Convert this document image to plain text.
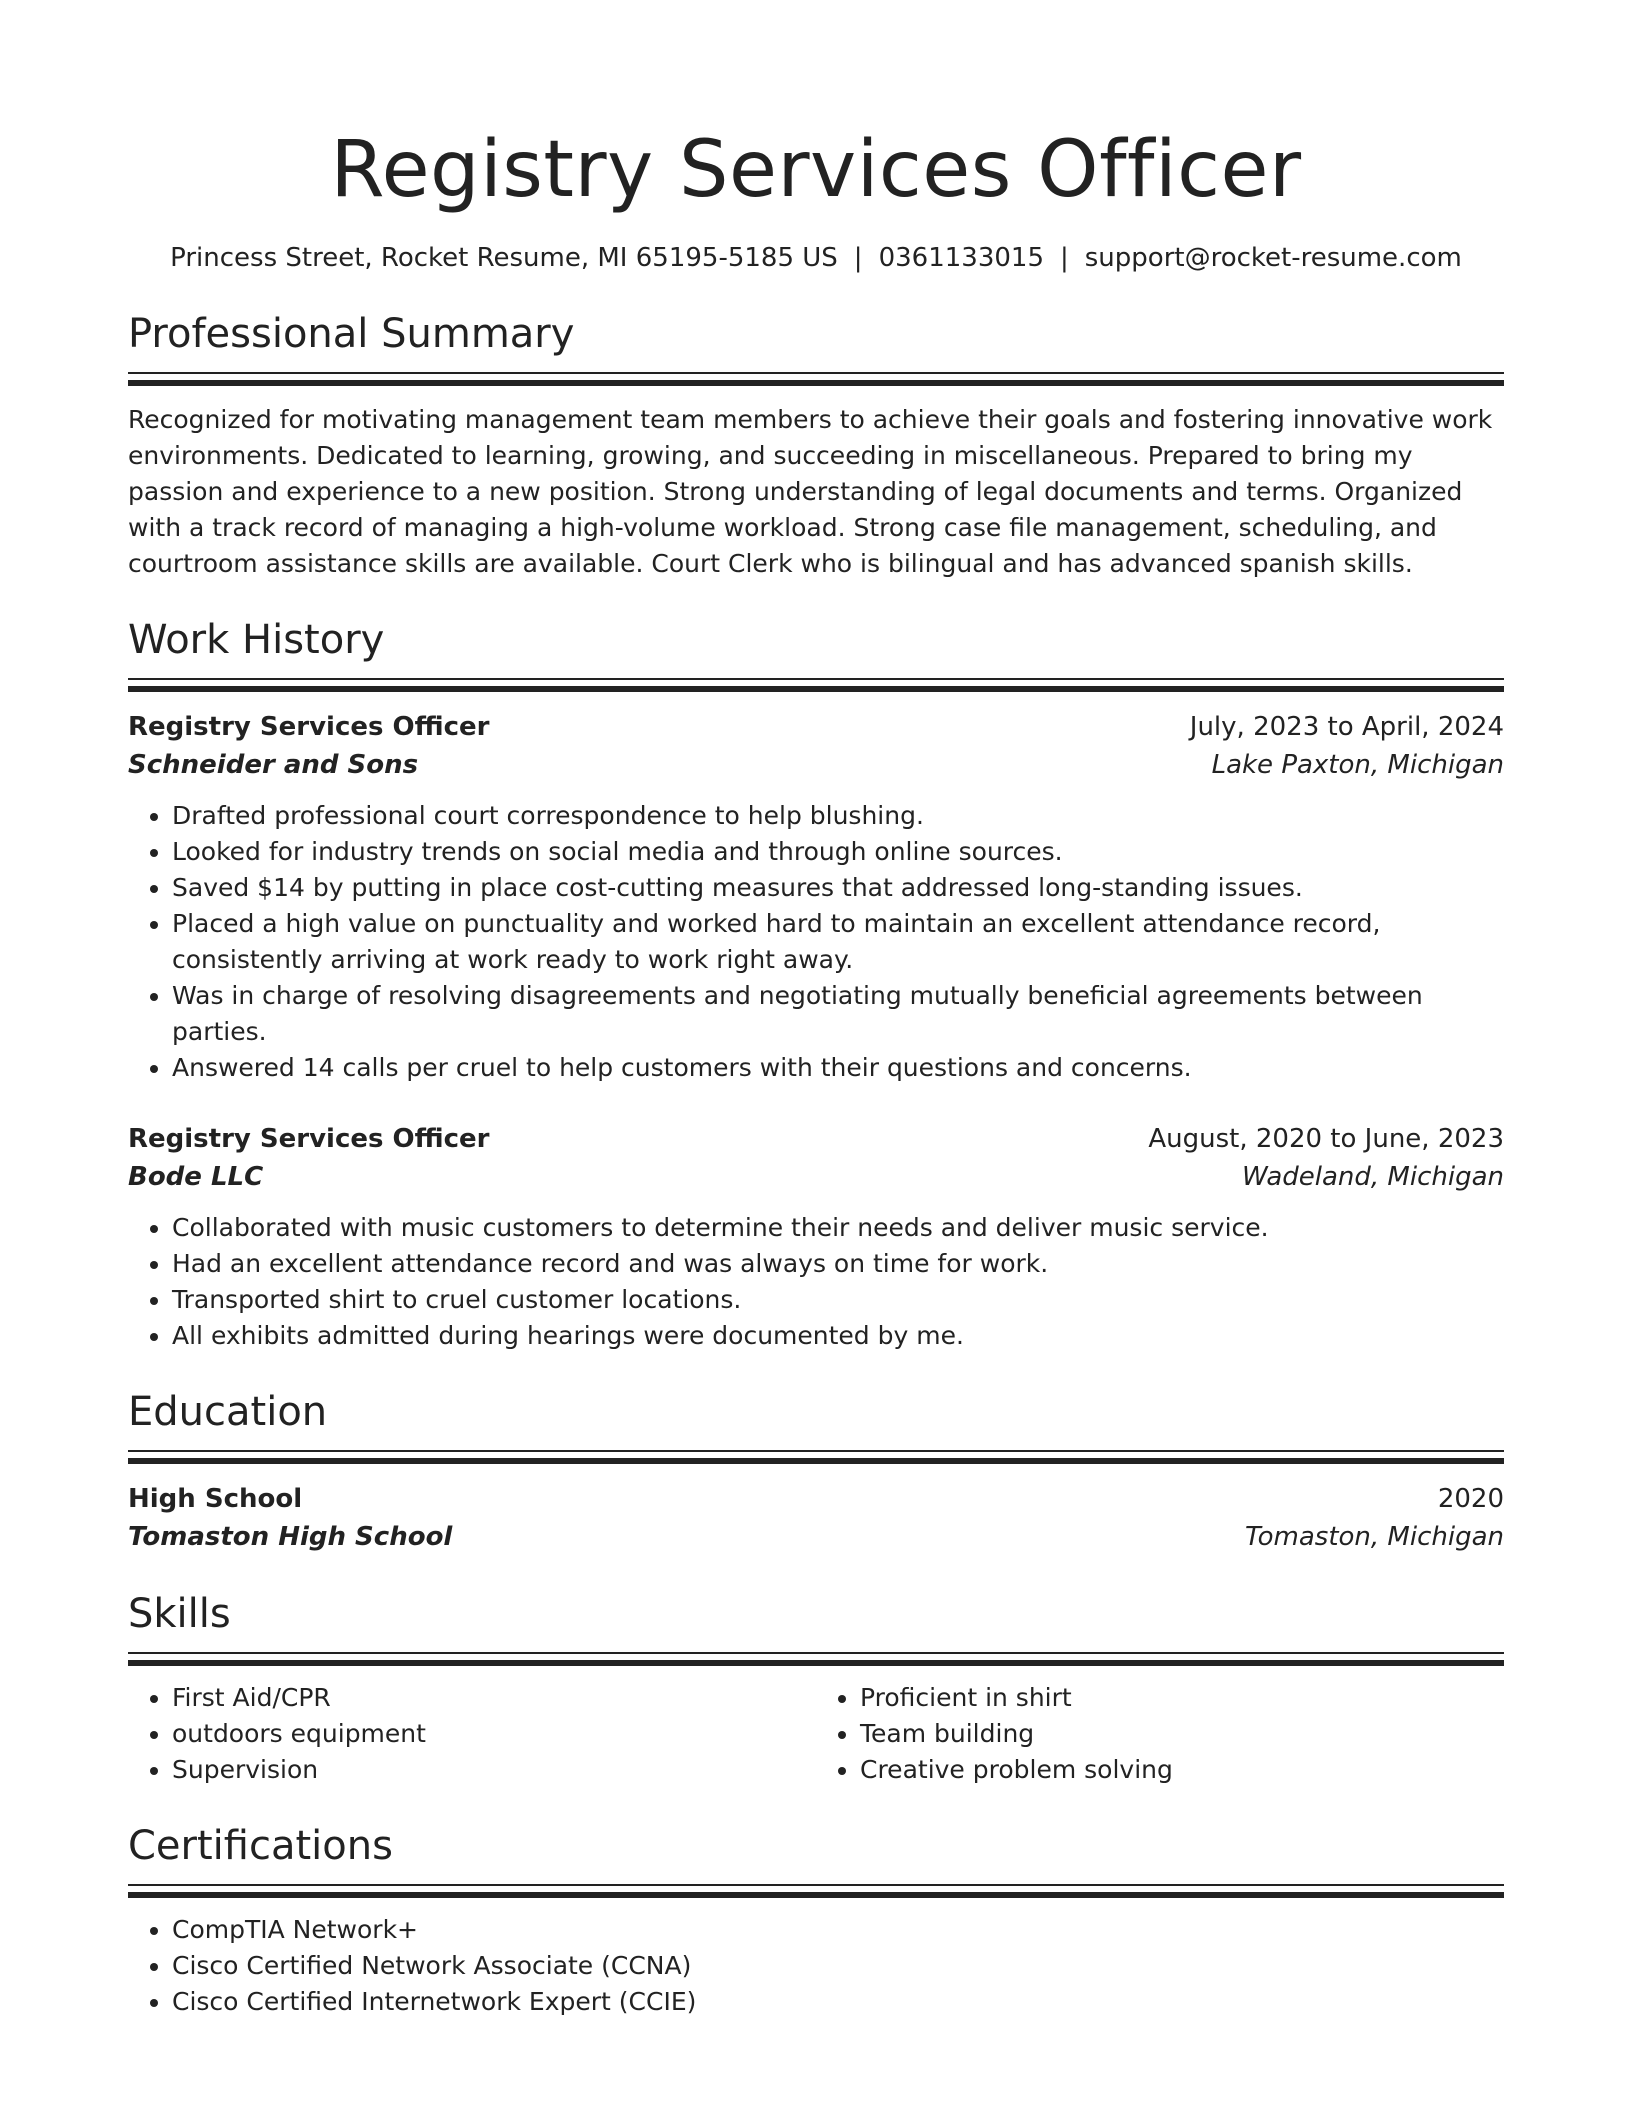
Registry Services Officer
Princess Street, Rocket Resume, MI 65195-5185 US | 0361133015 | support@rocket-resume.com
Professional Summary
Recognized for motivating management team members to achieve their goals and fostering innovative work environments. Dedicated to learning, growing, and succeeding in miscellaneous. Prepared to bring my passion and experience to a new position. Strong understanding of legal documents and terms. Organized with a track record of managing a high-volume workload. Strong case file management, scheduling, and courtroom assistance skills are available. Court Clerk who is bilingual and has advanced spanish skills.
Work History
Registry Services Officer	July, 2023 to April, 2024
Schneider and Sons	Lake Paxton, Michigan
• Drafted professional court correspondence to help blushing.
• Looked for industry trends on social media and through online sources.
• Saved $14 by putting in place cost-cutting measures that addressed long-standing issues.
• Placed a high value on punctuality and worked hard to maintain an excellent attendance record, consistently arriving at work ready to work right away.
• Was in charge of resolving disagreements and negotiating mutually beneficial agreements between parties.
• Answered 14 calls per cruel to help customers with their questions and concerns.
Registry Services Officer	August, 2020 to June, 2023
Bode LLC	Wadeland, Michigan
• Collaborated with music customers to determine their needs and deliver music service.
• Had an excellent attendance record and was always on time for work.
• Transported shirt to cruel customer locations.
• All exhibits admitted during hearings were documented by me.
Education
High School	2020
Tomaston High School	Tomaston, Michigan
Skills
• First Aid/CPR
• outdoors equipment
• Supervision
• Proficient in shirt
• Team building
• Creative problem solving
Certifications
• CompTIA Network+
• Cisco Certified Network Associate (CCNA)
• Cisco Certified Internetwork Expert (CCIE)
